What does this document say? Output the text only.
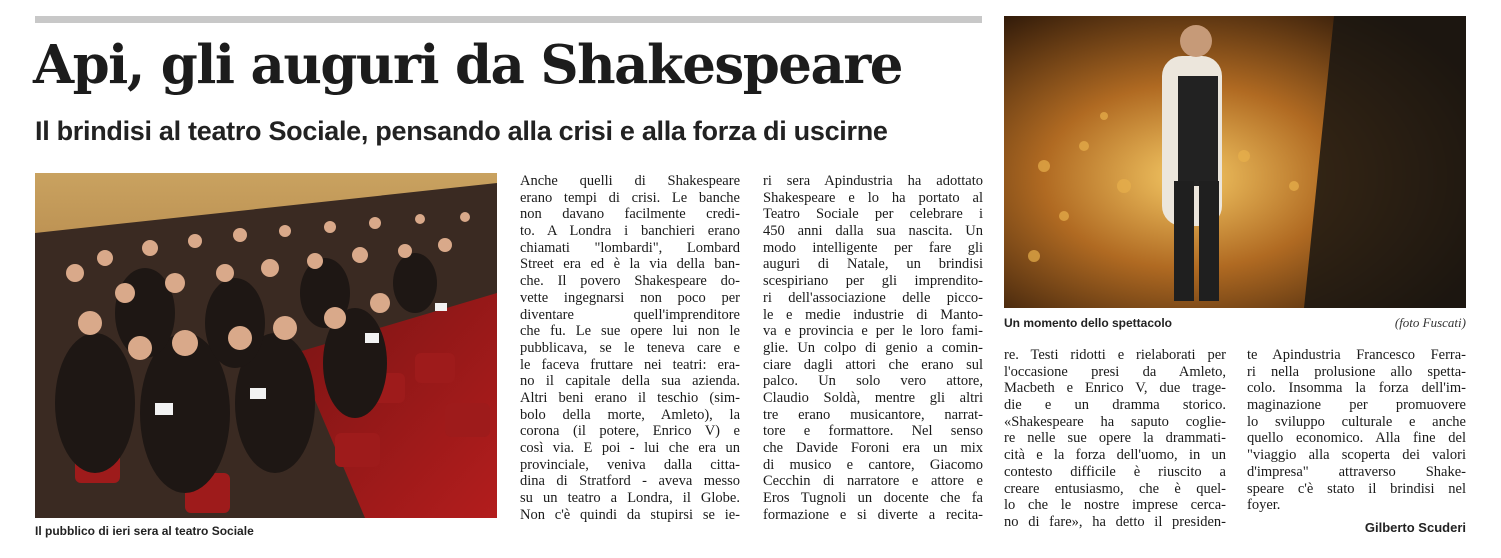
Api, gli auguri da Shakespeare
Il brindisi al teatro Sociale, pensando alla crisi e alla forza di uscirne
Il pubblico di ieri sera al teatro Sociale
Un momento dello spettacolo	(foto Fuscati)
Anche quelli di Shakespeare
erano tempi di crisi. Le banche
non davano facilmente credi-
to. A Londra i banchieri erano
chiamati "lombardi", Lombard
Street era ed è la via della ban-
che. Il povero Shakespeare do-
vette ingegnarsi non poco per
diventare quell'imprenditore
che fu. Le sue opere lui non le
pubblicava, se le teneva care e
le faceva fruttare nei teatri: era-
no il capitale della sua azienda.
Altri beni erano il teschio (sim-
bolo della morte, Amleto), la
corona (il potere, Enrico V) e
così via. E poi - lui che era un
provinciale, veniva dalla citta-
dina di Stratford - aveva messo
su un teatro a Londra, il Globe.
Non c'è quindi da stupirsi se ie-
ri sera Apindustria ha adottato
Shakespeare e lo ha portato al
Teatro Sociale per celebrare i
450 anni dalla sua nascita. Un
modo intelligente per fare gli
auguri di Natale, un brindisi
scespiriano per gli imprendito-
ri dell'associazione delle picco-
le e medie industrie di Manto-
va e provincia e per le loro fami-
glie. Un colpo di genio a comin-
ciare dagli attori che erano sul
palco. Un solo vero attore,
Claudio Soldà, mentre gli altri
tre erano musicantore, narrat-
tore e formattore. Nel senso
che Davide Foroni era un mix
di musico e cantore, Giacomo
Cecchin di narratore e attore e
Eros Tugnoli un docente che fa
formazione e si diverte a recita-
re. Testi ridotti e rielaborati per
l'occasione presi da Amleto,
Macbeth e Enrico V, due trage-
die e un dramma storico.
«Shakespeare ha saputo coglie-
re nelle sue opere la drammati-
cità e la forza dell'uomo, in un
contesto difficile è riuscito a
creare entusiasmo, che è quel-
lo che le nostre imprese cerca-
no di fare», ha detto il presiden-
te Apindustria Francesco Ferra-
ri nella prolusione allo spetta-
colo. Insomma la forza dell'im-
maginazione per promuovere
lo sviluppo culturale e anche
quello economico. Alla fine del
"viaggio alla scoperta dei valori
d'impresa" attraverso Shake-
speare c'è stato il brindisi nel
foyer.
Gilberto Scuderi
